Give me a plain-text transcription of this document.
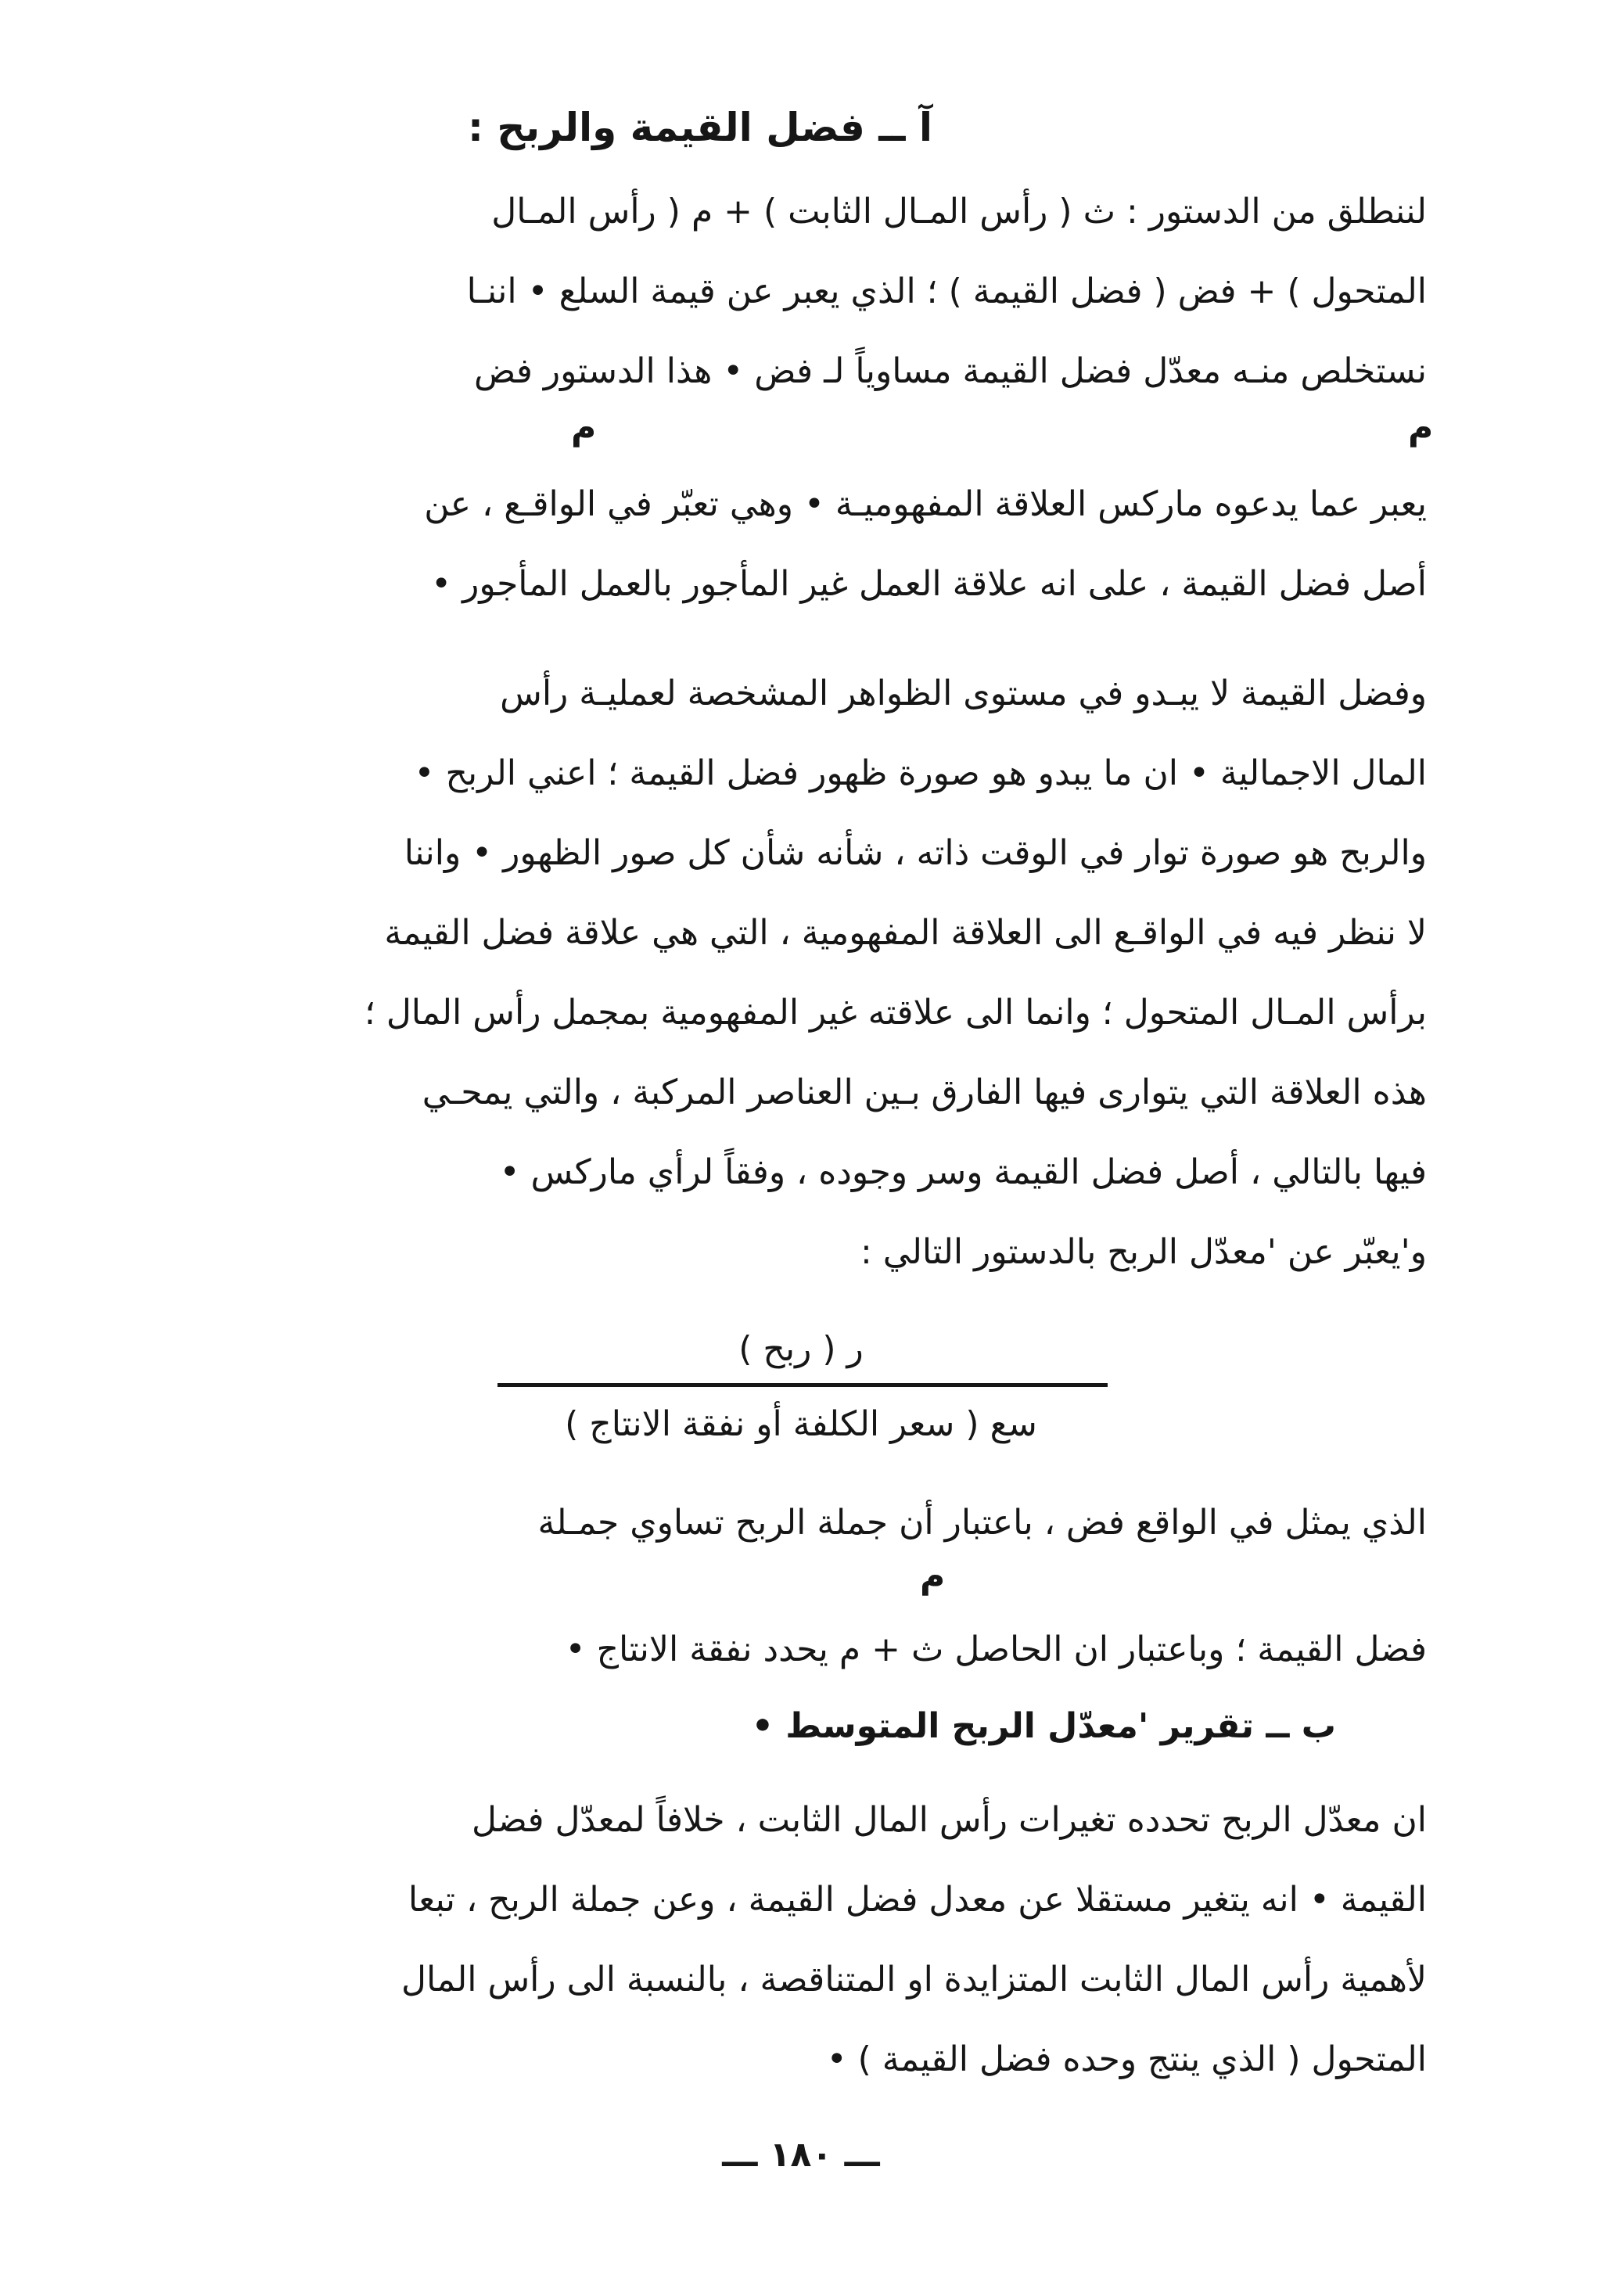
آ ــ فضل القيمة والربح :
لننطلق من الدستور : ث ( رأس المـال الثابت ) + م ( رأس المـال
المتحول ) + فض ( فضل القيمة ) ؛ الذي يعبر عن قيمة السلع • اننـا
نستخلص منـه معدّل فضل القيمة مساوياً لـ فض • هذا الدستور فض
م
م
يعبر عما يدعوه ماركس العلاقة المفهوميـة • وهي تعبّر في الواقـع ، عن
أصل فضل القيمة ، على انه علاقة العمل غير المأجور بالعمل المأجور •
وفضل القيمة لا يبـدو في مستوى الظواهر المشخصة لعمليـة رأس
المال الاجمالية • ان ما يبدو هو صورة ظهور فضل القيمة ؛ اعني الربح •
والربح هو صورة توار في الوقت ذاته ، شأنه شأن كل صور الظهور • واننا
لا ننظر فيه في الواقـع الى العلاقة المفهومية ، التي هي علاقة فضل القيمة
برأس المـال المتحول ؛ وانما الى علاقته غير المفهومية بمجمل رأس المال ؛
هذه العلاقة التي يتوارى فيها الفارق بـين العناصر المركبة ، والتي يمحـي
فيها بالتالي ، أصل فضل القيمة وسر وجوده ، وفقاً لرأي ماركس •
و'يعبّر عن 'معدّل الربح بالدستور التالي :
ر ( ربح )
سع ( سعر الكلفة أو نفقة الانتاج )
الذي يمثل في الواقع فض ، باعتبار أن جملة الربح تساوي جمـلة
م
فضل القيمة ؛ وباعتبار ان الحاصل ث + م يحدد نفقة الانتاج •
ب ــ تقرير 'معدّل الربح المتوسط •
ان معدّل الربح تحدده تغيرات رأس المال الثابت ، خلافاً لمعدّل فضل
القيمة • انه يتغير مستقلا عن معدل فضل القيمة ، وعن جملة الربح ، تبعا
لأهمية رأس المال الثابت المتزايدة او المتناقصة ، بالنسبة الى رأس المال
المتحول ( الذي ينتج وحده فضل القيمة ) •
ـــ ١٨٠ ـــ
